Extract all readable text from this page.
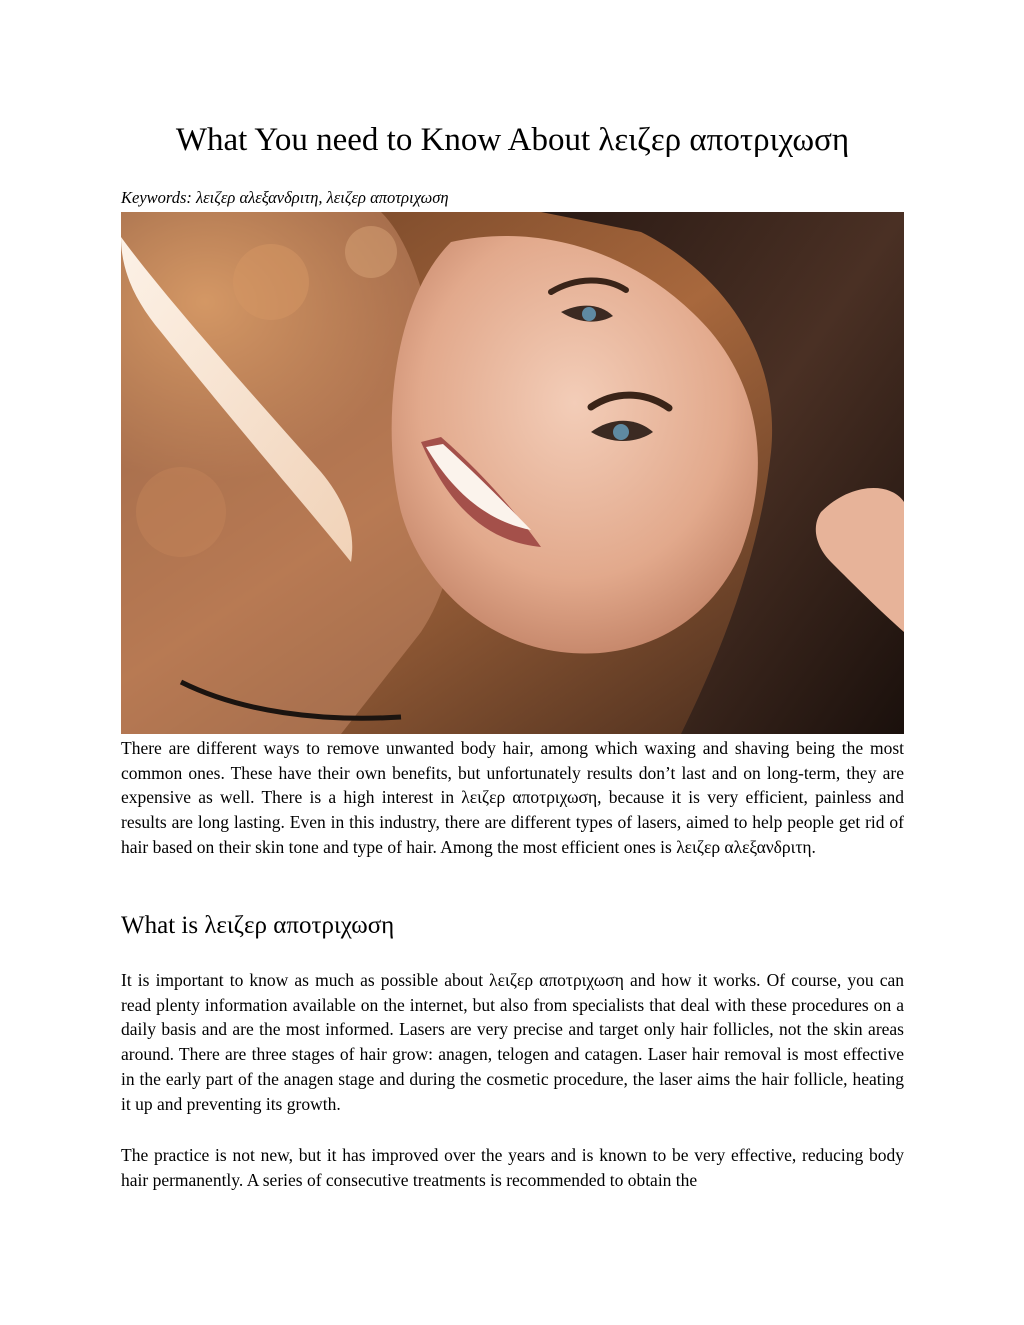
What You need to Know About λειζερ αποτριχωση

Keywords: λειζερ αλεξανδριτη, λειζερ αποτριχωση

There are different ways to remove unwanted body hair, among which waxing and shaving being the most common ones. These have their own benefits, but unfortunately results don’t last and on long-term, they are expensive as well. There is a high interest in λειζερ αποτριχωση, because it is very efficient, painless and results are long lasting. Even in this industry, there are different types of lasers, aimed to help people get rid of hair based on their skin tone and type of hair. Among the most efficient ones is λειζερ αλεξανδριτη.

What is λειζερ αποτριχωση

It is important to know as much as possible about λειζερ αποτριχωση and how it works. Of course, you can read plenty information available on the internet, but also from specialists that deal with these procedures on a daily basis and are the most informed. Lasers are very precise and target only hair follicles, not the skin areas around. There are three stages of hair grow: anagen, telogen and catagen. Laser hair removal is most effective in the early part of the anagen stage and during the cosmetic procedure, the laser aims the hair follicle, heating it up and preventing its growth.

The practice is not new, but it has improved over the years and is known to be very effective, reducing body hair permanently. A series of consecutive treatments is recommended to obtain the
